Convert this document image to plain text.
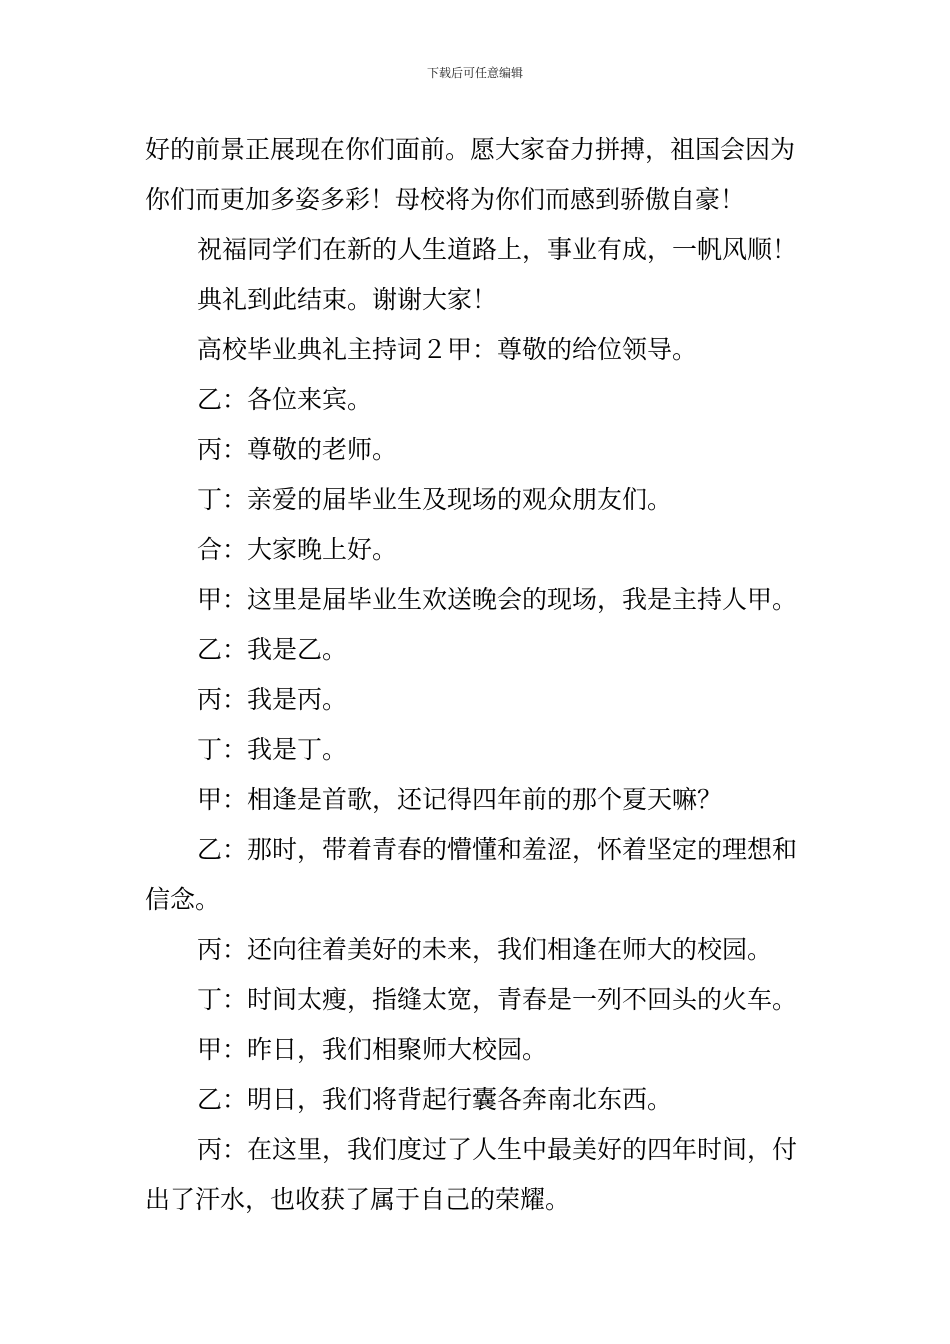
下载后可任意编辑

好的前景正展现在你们面前。愿大家奋力拼搏，祖国会因为你们而更加多姿多彩！母校将为你们而感到骄傲自豪！

祝福同学们在新的人生道路上，事业有成，一帆风顺！

典礼到此结束。谢谢大家！

高校毕业典礼主持词２甲：尊敬的给位领导。

乙：各位来宾。

丙：尊敬的老师。

丁：亲爱的届毕业生及现场的观众朋友们。

合：大家晚上好。

甲：这里是届毕业生欢送晚会的现场，我是主持人甲。

乙：我是乙。

丙：我是丙。

丁：我是丁。

甲：相逢是首歌，还记得四年前的那个夏天嘛？

乙：那时，带着青春的懵懂和羞涩，怀着坚定的理想和信念。

丙：还向往着美好的未来，我们相逢在师大的校园。

丁：时间太瘦，指缝太宽，青春是一列不回头的火车。

甲：昨日，我们相聚师大校园。

乙：明日，我们将背起行囊各奔南北东西。

丙：在这里，我们度过了人生中最美好的四年时间，付出了汗水，也收获了属于自己的荣耀。
